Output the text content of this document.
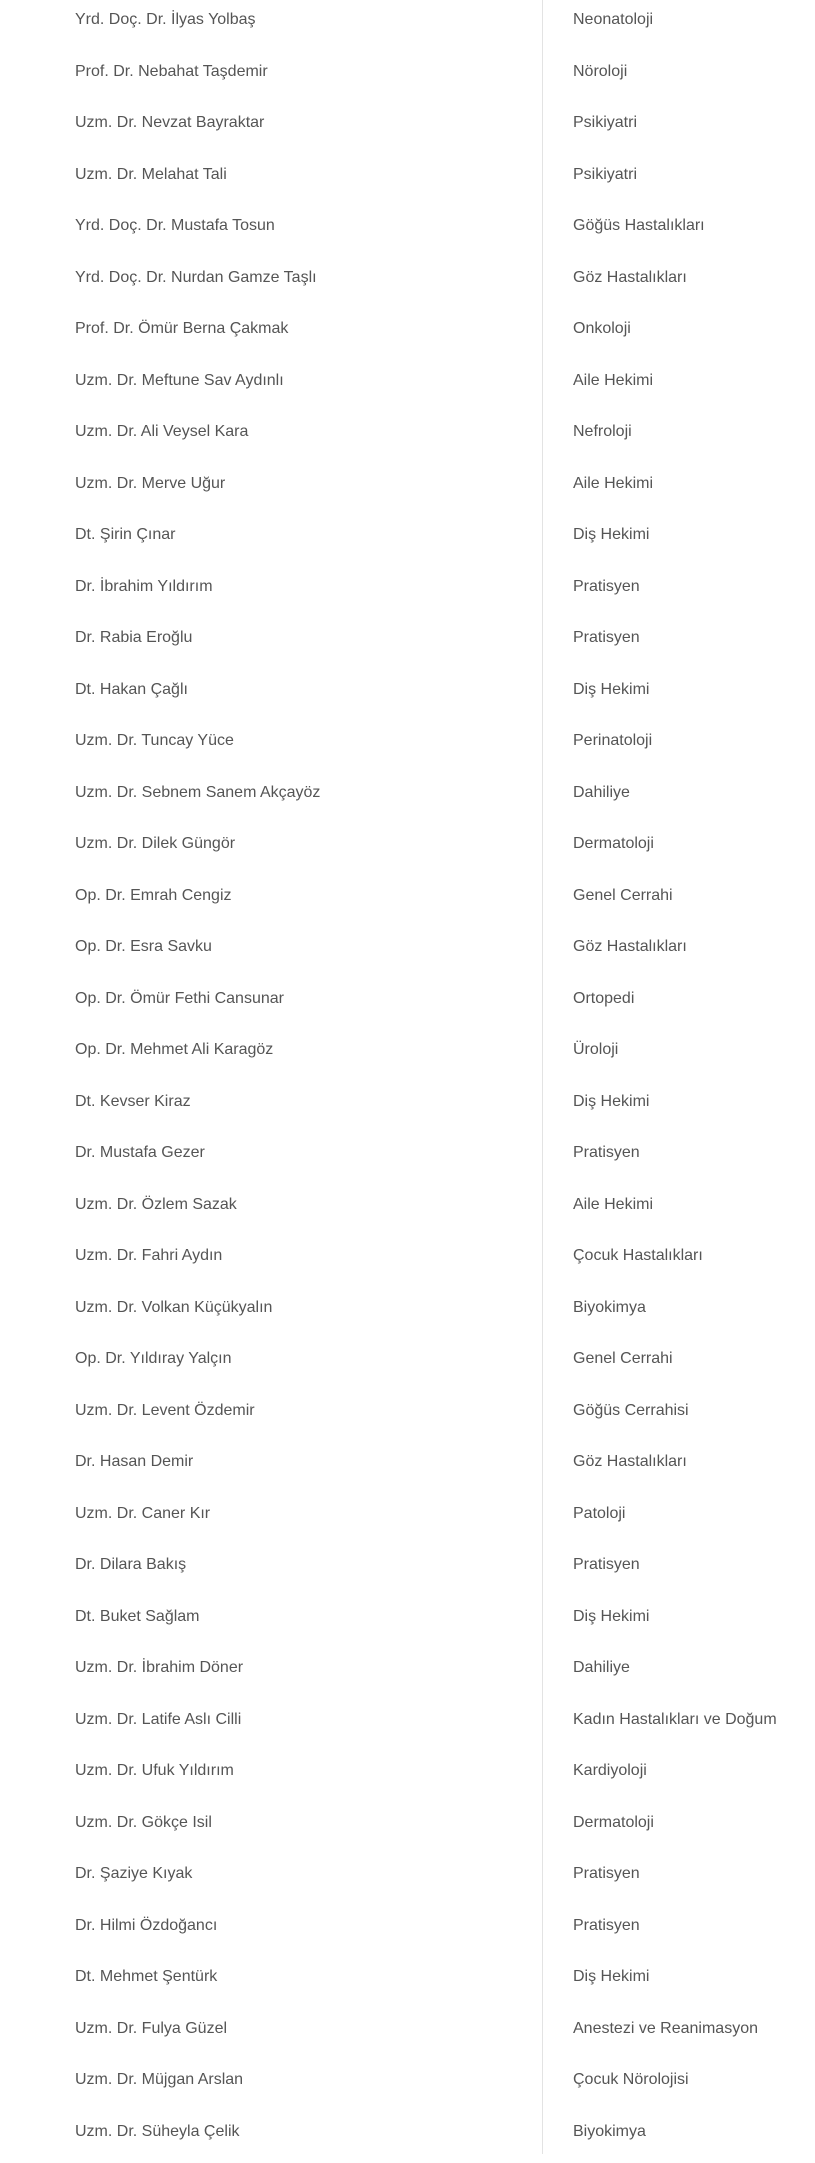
Yrd. Doç. Dr. İlyas Yolbaş	Neonatoloji
Prof. Dr. Nebahat Taşdemir	Nöroloji
Uzm. Dr. Nevzat Bayraktar	Psikiyatri
Uzm. Dr. Melahat Tali	Psikiyatri
Yrd. Doç. Dr. Mustafa Tosun	Göğüs Hastalıkları
Yrd. Doç. Dr. Nurdan Gamze Taşlı	Göz Hastalıkları
Prof. Dr. Ömür Berna Çakmak	Onkoloji
Uzm. Dr. Meftune Sav Aydınlı	Aile Hekimi
Uzm. Dr. Ali Veysel Kara	Nefroloji
Uzm. Dr. Merve Uğur	Aile Hekimi
Dt. Şirin Çınar	Diş Hekimi
Dr. İbrahim Yıldırım	Pratisyen
Dr. Rabia Eroğlu	Pratisyen
Dt. Hakan Çağlı	Diş Hekimi
Uzm. Dr. Tuncay Yüce	Perinatoloji
Uzm. Dr. Sebnem Sanem Akçayöz	Dahiliye
Uzm. Dr. Dilek Güngör	Dermatoloji
Op. Dr. Emrah Cengiz	Genel Cerrahi
Op. Dr. Esra Savku	Göz Hastalıkları
Op. Dr. Ömür Fethi Cansunar	Ortopedi
Op. Dr. Mehmet Ali Karagöz	Üroloji
Dt. Kevser Kiraz	Diş Hekimi
Dr. Mustafa Gezer	Pratisyen
Uzm. Dr. Özlem Sazak	Aile Hekimi
Uzm. Dr. Fahri Aydın	Çocuk Hastalıkları
Uzm. Dr. Volkan Küçükyalın	Biyokimya
Op. Dr. Yıldıray Yalçın	Genel Cerrahi
Uzm. Dr. Levent Özdemir	Göğüs Cerrahisi
Dr. Hasan Demir	Göz Hastalıkları
Uzm. Dr. Caner Kır	Patoloji
Dr. Dilara Bakış	Pratisyen
Dt. Buket Sağlam	Diş Hekimi
Uzm. Dr. İbrahim Döner	Dahiliye
Uzm. Dr. Latife Aslı Cilli	Kadın Hastalıkları ve Doğum
Uzm. Dr. Ufuk Yıldırım	Kardiyoloji
Uzm. Dr. Gökçe Isil	Dermatoloji
Dr. Şaziye Kıyak	Pratisyen
Dr. Hilmi Özdoğancı	Pratisyen
Dt. Mehmet Şentürk	Diş Hekimi
Uzm. Dr. Fulya Güzel	Anestezi ve Reanimasyon
Uzm. Dr. Müjgan Arslan	Çocuk Nörolojisi
Uzm. Dr. Süheyla Çelik	Biyokimya
